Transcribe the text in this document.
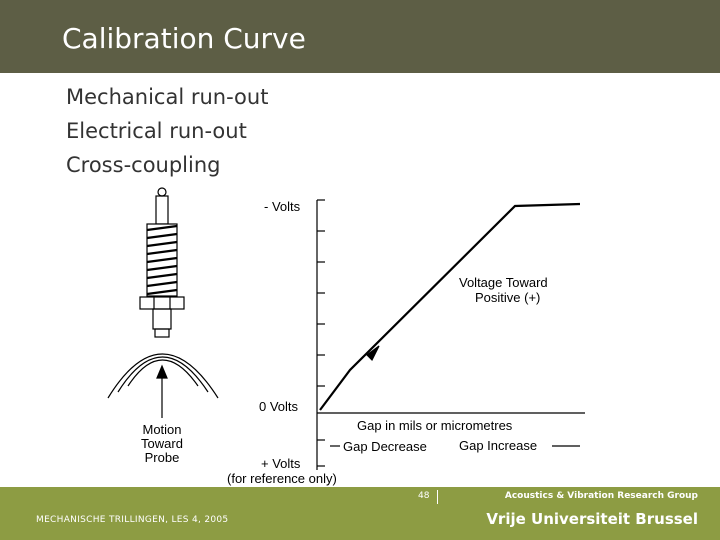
Calibration Curve
Mechanical run-out
Electrical run-out
Cross-coupling
Motion
Toward
Probe
- Volts
0 Volts
+ Volts
(for reference only)
Voltage Toward
Positive (+)
Gap in mils or micrometres
Gap Decrease Gap Increase
48	Acoustics & Vibration Research Group
MECHANISCHE TRILLINGEN, LES 4, 2005	Vrije Universiteit Brussel
